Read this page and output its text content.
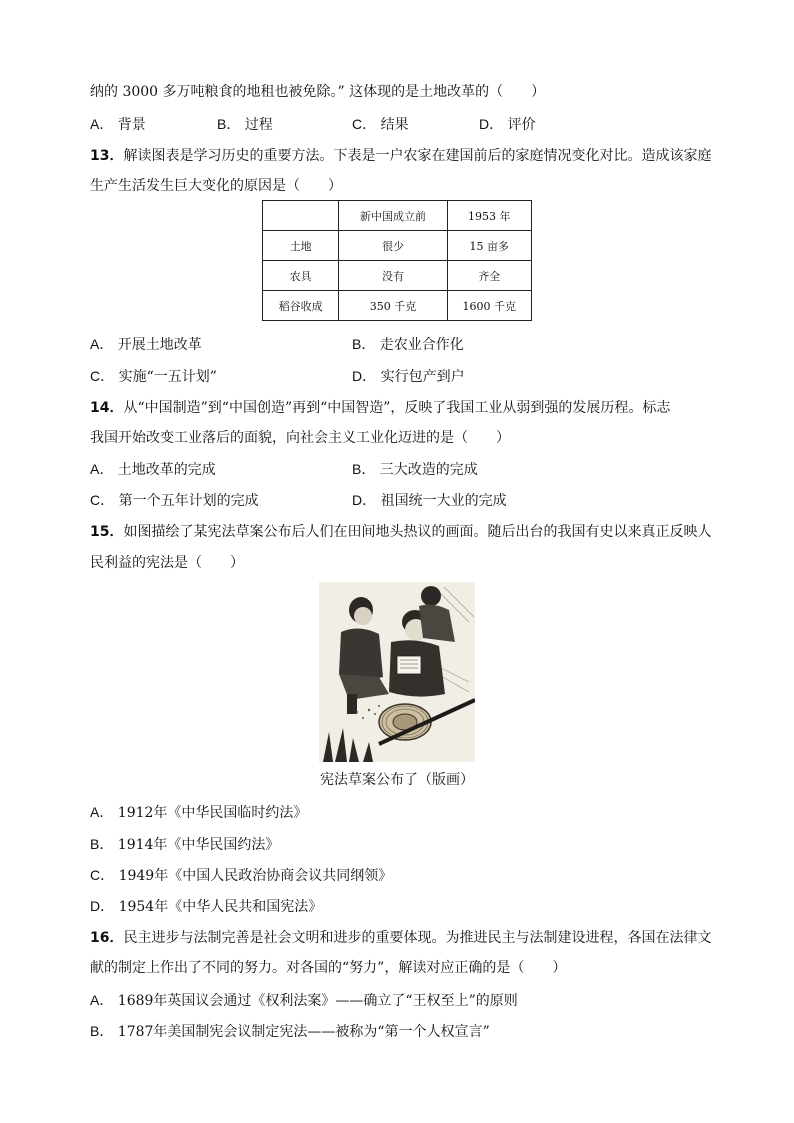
纳的 3000 多万吨粮食的地租也被免除。” 这体现的是土地改革的（　　）
A． 背景	B． 过程	C． 结果	D． 评价
13．解读图表是学习历史的重要方法。下表是一户农家在建国前后的家庭情况变化对比。造成该家庭
生产生活发生巨大变化的原因是（　　）
	新中国成立前	1953 年
土地	很少	15 亩多
农具	没有	齐全
稻谷收成	350 千克	1600 千克
A． 开展土地改革	B． 走农业合作化
C． 实施“一五计划”	D． 实行包产到户
14．从“中国制造”到“中国创造”再到“中国智造”，反映了我国工业从弱到强的发展历程。标志
我国开始改变工业落后的面貌，向社会主义工业化迈进的是（　　）
A． 土地改革的完成	B． 三大改造的完成
C． 第一个五年计划的完成	D． 祖国统一大业的完成
15．如图描绘了某宪法草案公布后人们在田间地头热议的画面。随后出台的我国有史以来真正反映人
民利益的宪法是（　　）
宪法草案公布了（版画）
A． 1912年《中华民国临时约法》
B． 1914年《中华民国约法》
C． 1949年《中国人民政治协商会议共同纲领》
D． 1954年《中华人民共和国宪法》
16．民主进步与法制完善是社会文明和进步的重要体现。为推进民主与法制建设进程，各国在法律文
献的制定上作出了不同的努力。对各国的“努力”，解读对应正确的是（　　）
A． 1689年英国议会通过《权利法案》——确立了“王权至上”的原则
B． 1787年美国制宪会议制定宪法——被称为“第一个人权宣言”
